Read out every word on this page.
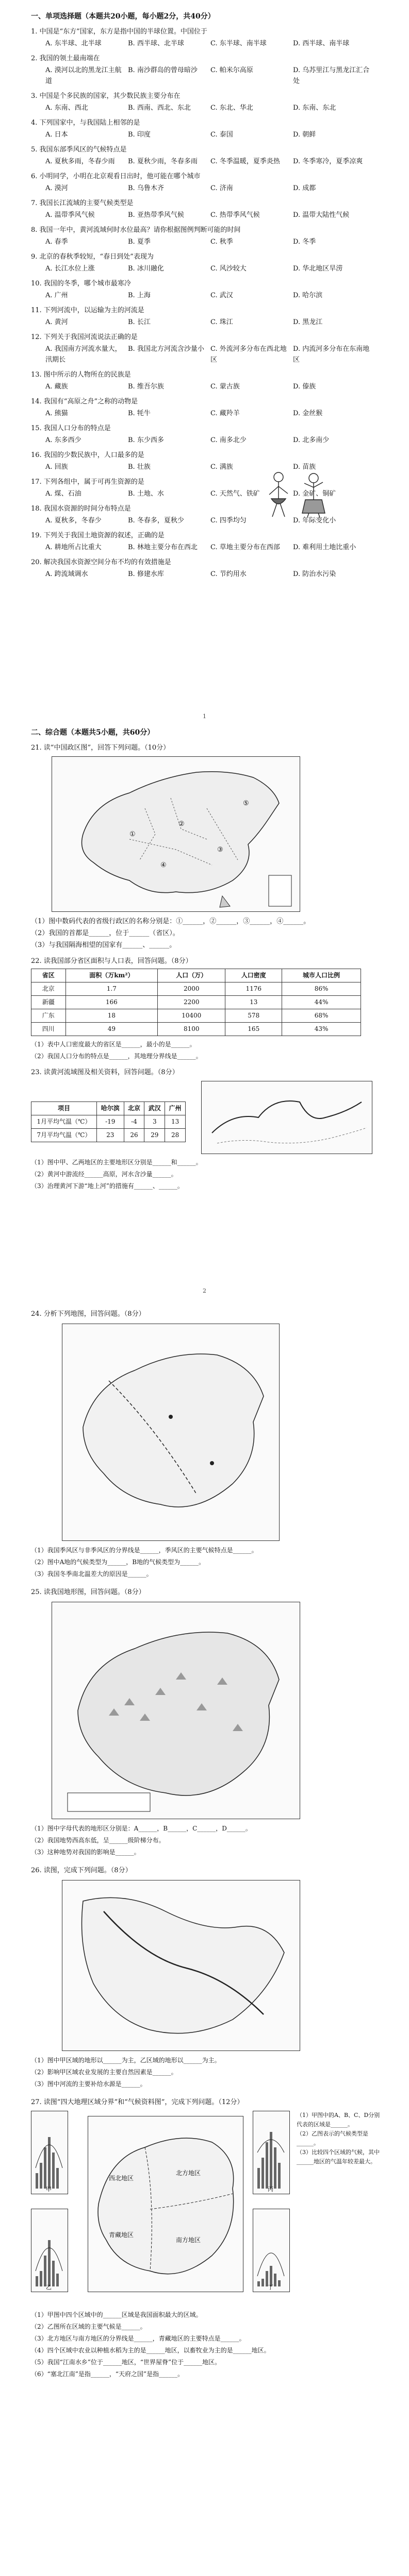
一、单项选择题（本题共20小题，每小题2分，共40分）
1. 中国是“东方”国家，东方是指中国的半球位置。中国位于
A. 东半球、北半球	B. 西半球、北半球	C. 东半球、南半球	D. 西半球、南半球
2. 我国的领土最南端在
A. 漠河以北的黑龙江主航道
B. 南沙群岛的曾母暗沙	C. 帕米尔高原	D. 乌苏里江与黑龙江汇合处
3. 中国是个多民族的国家，其少数民族主要分布在
A. 东南、西北	B. 西南、西北、东北	C. 东北、华北	D. 东南、东北
4. 下列国家中，与我国陆上相邻的是
A. 日本	B. 印度	C. 泰国	D. 朝鲜
5. 我国东部季风区的气候特点是
A. 夏秋多雨，冬春少雨	B. 夏秋少雨，冬春多雨	C. 冬季温暖，夏季炎热	D. 冬季寒冷，夏季凉爽
6. 小明同学，小明在北京观看日出时，他可能在哪个城市
A. 漠河	B. 乌鲁木齐	C. 济南	D. 成都
7. 我国长江流域的主要气候类型是
A. 温带季风气候	B. 亚热带季风气候	C. 热带季风气候	D. 温带大陆性气候
8. 我国一年中，黄河流域何时水位最高？请你根据图例判断可能的时间
A. 春季	B. 夏季	C. 秋季	D. 冬季
9. 北京的春秋季较短，“春日到处”表现为
A. 长江水位上涨	B. 冰川融化	C. 风沙较大	D. 华北地区旱涝
10. 我国的冬季，哪个城市最寒冷
A. 广州	B. 上海	C. 武汉	D. 哈尔滨
11. 下列河流中，以运输为主的河流是
A. 黄河	B. 长江	C. 珠江	D. 黑龙江
12. 下列关于我国河流说法正确的是
A. 我国南方河流水量大，汛期长
B. 我国北方河流含沙量小 C. 外流河多分布在西北地区
D. 内流河多分布在东南地区
13. 图中所示的人物所在的民族是
A. 藏族	B. 维吾尔族	C. 蒙古族	D. 傣族
14. 我国有“高原之舟”之称的动物是
A. 熊猫	B. 牦牛	C. 藏羚羊	D. 金丝猴
15. 我国人口分布的特点是
A. 东多西少	B. 东少西多	C. 南多北少	D. 北多南少
16. 我国的少数民族中，人口最多的是
A. 回族	B. 壮族	C. 满族	D. 苗族
17. 下列各组中，属于可再生资源的是
A. 煤、石油	B. 土地、水	C. 天然气、铁矿	D. 金矿、铜矿
18. 我国水资源的时间分布特点是
A. 夏秋多，冬春少	B. 冬春多，夏秋少	C. 四季均匀	D. 年际变化小
19. 下列关于我国土地资源的叙述，正确的是
A. 耕地所占比重大	B. 林地主要分布在西北	C. 草地主要分布在西部	D. 难利用土地比重小
20. 解决我国水资源空间分布不均的有效措施是
A. 跨流域调水	B. 修建水库	C. 节约用水	D. 防治水污染
1
二、综合题（本题共5小题，共60分）
21. 读“中国政区图”，回答下列问题。（10分）
①
②
③
④
⑤
（1）图中数码代表的省级行政区的名称分别是：①______，②______，③______，④______。
（2）我国的首都是______，位于______（省区）。
（3）与我国隔海相望的国家有______、______。
22. 读我国部分省区面积与人口表，回答问题。（8分）
省区	面积（万km²）	人口（万）	人口密度	城市人口比例
北京	1.7	2000	1176	86%
新疆	166	2200	13	44%
广东	18	10400	578	68%
四川	49	8100	165	43%
（1）表中人口密度最大的省区是______，最小的是______。
（2）我国人口分布的特点是______，其地理分界线是______。
23. 读黄河流域图及相关资料，回答问题。（8分）
项目	哈尔滨	北京	武汉	广州
1月平均气温（℃）	-19	-4	3	13
7月平均气温（℃）	23	26	29	28
（1）图中甲、乙两地区的主要地形区分别是______和______。
（2）黄河中游流经______高原，河水含沙量______。
（3）治理黄河下游“地上河”的措施有______、______。
2
24. 分析下列地图，回答问题。（8分）
（1）我国季风区与非季风区的分界线是______，季风区的主要气候特点是______。
（2）图中A地的气候类型为______，B地的气候类型为______。
（3）我国冬季南北温差大的原因是______。
25. 读我国地形图，回答问题。（8分）
（1）图中字母代表的地形区分别是：A______，B______，C______，D______。
（2）我国地势西高东低，呈______级阶梯分布。
（3）这种地势对我国的影响是______。
26. 读图，完成下列问题。（8分）
（1）图中甲区域的地形以______为主，乙区域的地形以______为主。
（2）影响甲区域农业发展的主要自然因素是______。
（3）图中河流的主要补给水源是______。
27. 读图“四大地理区域分界”和“气候资料图”，完成下列问题。（12分）
甲
乙
西北地区
北方地区
青藏地区
南方地区
丙
丁
（1）甲图中的A、B、C、D分别代表的区域是______。
（2）乙图表示的气候类型是______。
（3）比较四个区域的气候，其中______地区的气温年较差最大。
（1）甲图中四个区域中的______区域是我国面积最大的区域。
（2）乙图所在区域的主要气候是______。
（3）北方地区与南方地区的分界线是______，青藏地区的主要特点是______。
（4）四个区域中农业以种植水稻为主的是______地区，以畜牧业为主的是______地区。
（5）我国“江南水乡”位于______地区，“世界屋脊”位于______地区。
（6）“塞北江南”是指______，“天府之国”是指______。
